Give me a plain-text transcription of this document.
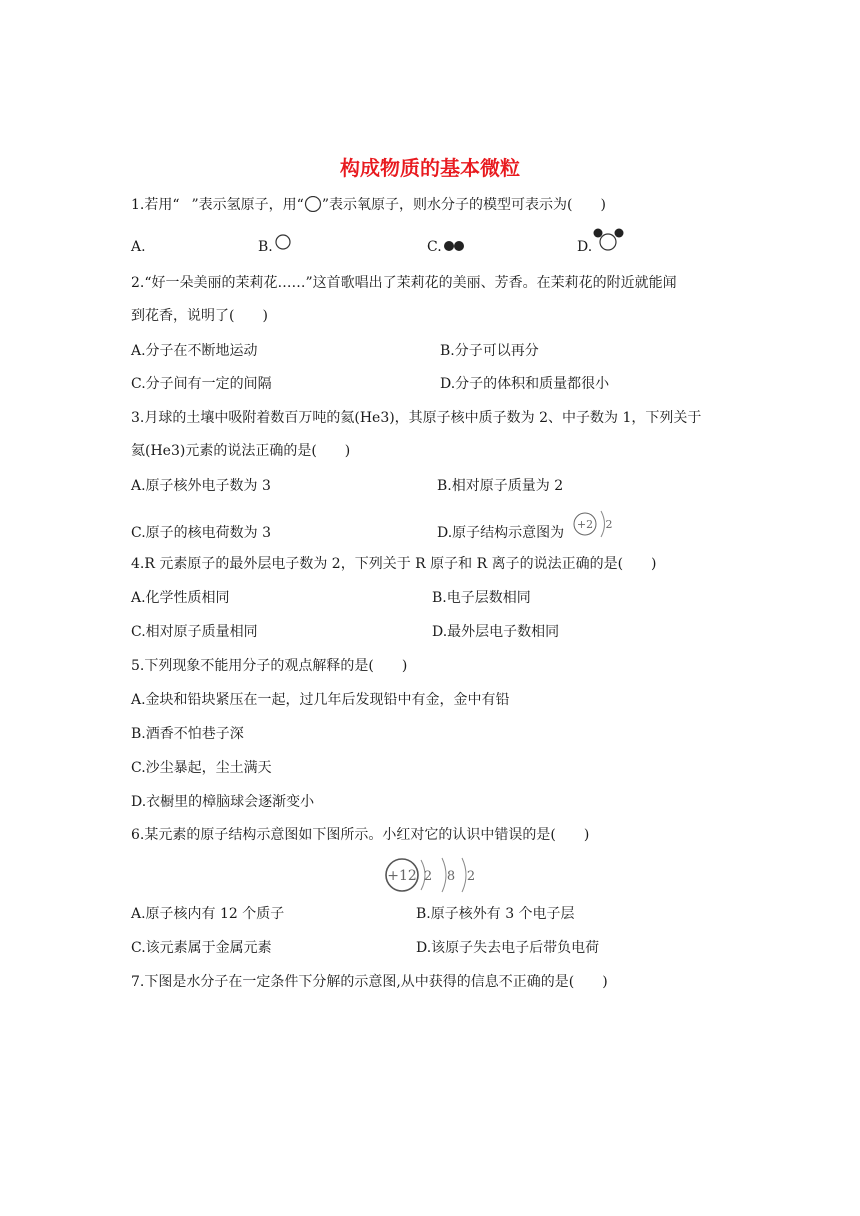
构成物质的基本微粒
1.若用“ ”表示氢原子，用“ ”表示氧原子，则水分子的模型可表示为(　　)
A.	B.	C.	D.
2.“好一朵美丽的茉莉花……”这首歌唱出了茉莉花的美丽、芳香。在茉莉花的附近就能闻
到花香，说明了(　　)
A.分子在不断地运动	B.分子可以再分
C.分子间有一定的间隔	D.分子的体积和质量都很小
3.月球的土壤中吸附着数百万吨的氦(He3)，其原子核中质子数为 2、中子数为 1，下列关于
氦(He3)元素的说法正确的是(　　)
A.原子核外电子数为 3	B.相对原子质量为 2
C.原子的核电荷数为 3	D.原子结构示意图为
+2 2
4.R 元素原子的最外层电子数为 2，下列关于 R 原子和 R 离子的说法正确的是(　　)
A.化学性质相同	B.电子层数相同
C.相对原子质量相同	D.最外层电子数相同
5.下列现象不能用分子的观点解释的是(　　)
A.金块和铅块紧压在一起，过几年后发现铅中有金，金中有铅
B.酒香不怕巷子深
C.沙尘暴起，尘土满天
D.衣橱里的樟脑球会逐渐变小
6.某元素的原子结构示意图如下图所示。小红对它的认识中错误的是(　　)
+12 2 8 2
A.原子核内有 12 个质子	B.原子核外有 3 个电子层
C.该元素属于金属元素	D.该原子失去电子后带负电荷
7.下图是水分子在一定条件下分解的示意图,从中获得的信息不正确的是(　　)
